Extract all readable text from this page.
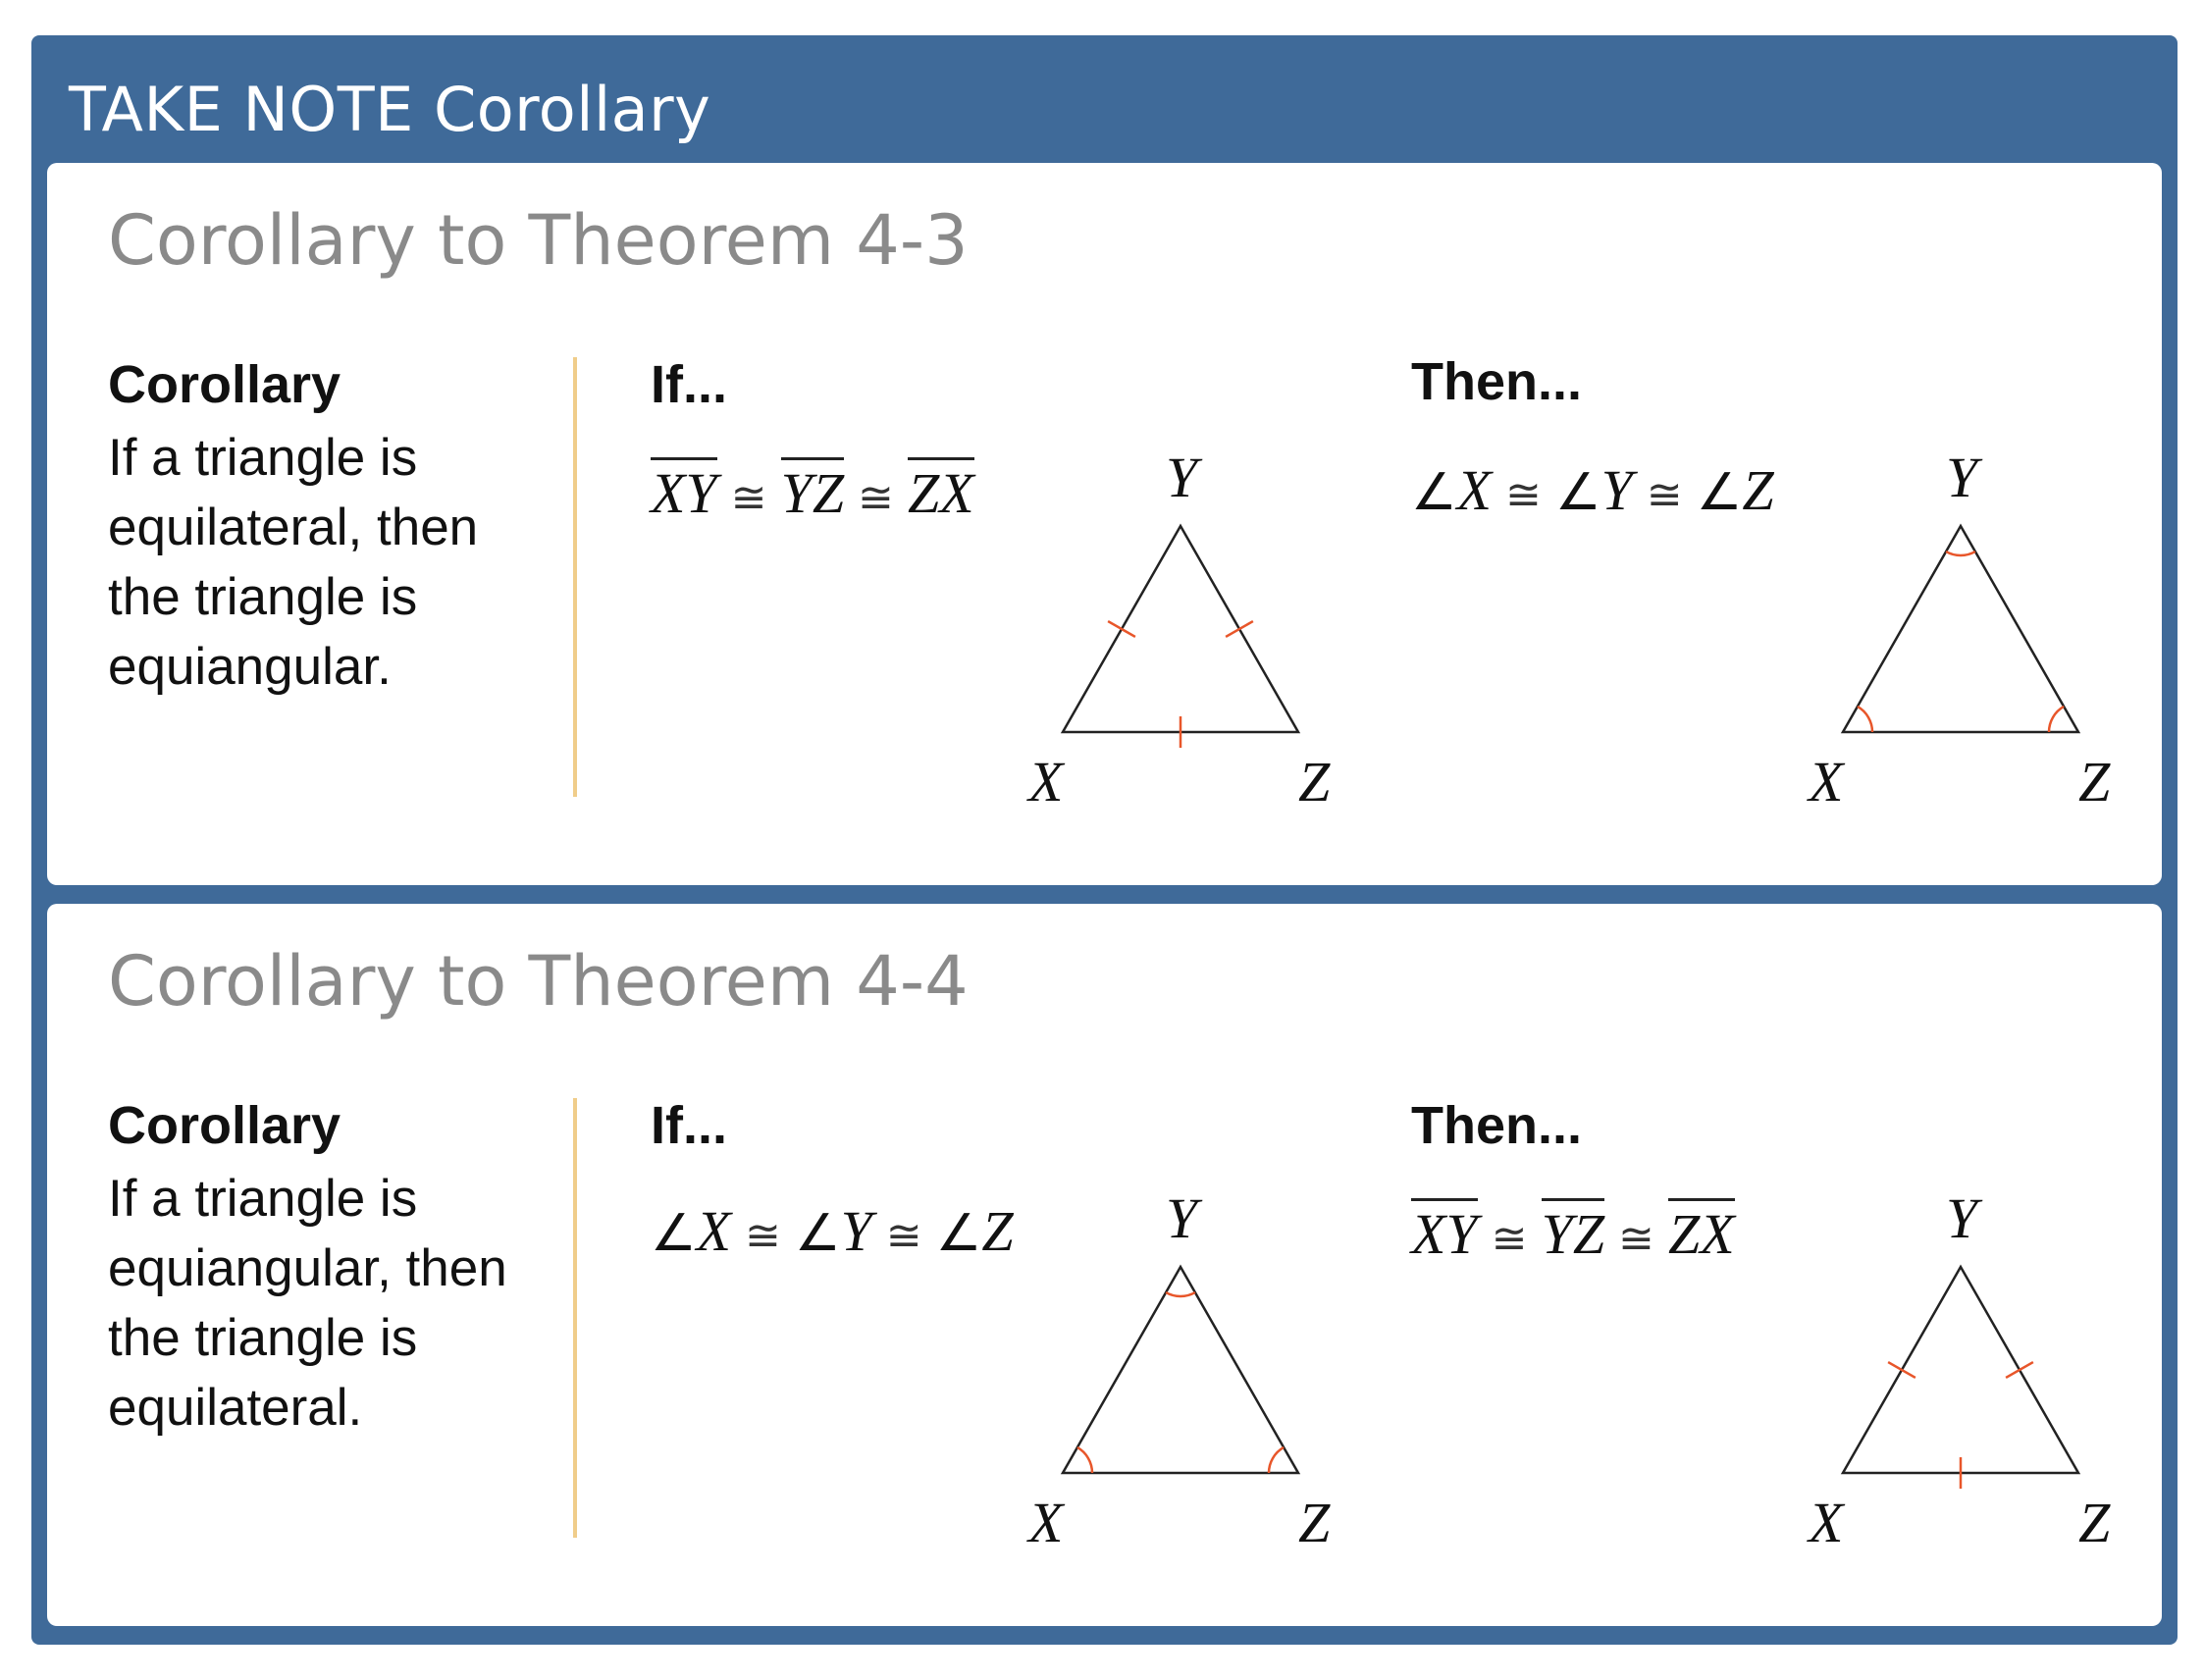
TAKE NOTE Corollary
Corollary to Theorem 4-3
Corollary
If a triangle is equilateral, then the triangle is equiangular.
If...	Then...
XY ≅ YZ ≅ ZX	∠X ≅ ∠Y ≅ ∠Z
Y
X	Z
Y
X	Z
Corollary to Theorem 4-4
Corollary
If a triangle is equiangular, then the triangle is equilateral.
If...	Then...
∠X ≅ ∠Y ≅ ∠Z	XY ≅ YZ ≅ ZX
Y
X	Z
Y
X	Z
